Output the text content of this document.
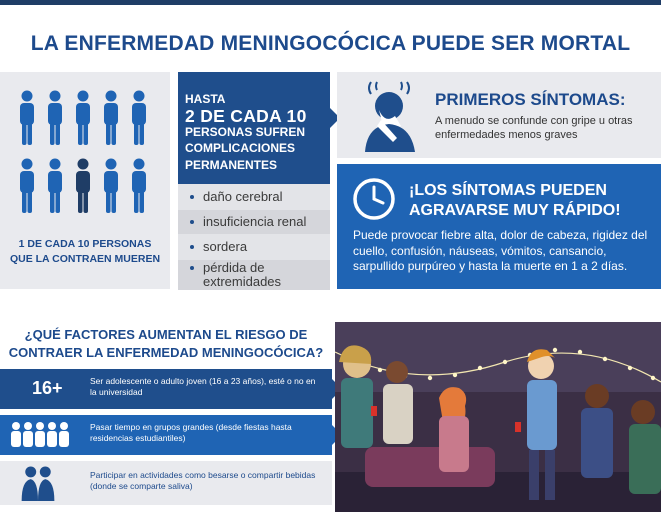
LA ENFERMEDAD MENINGOCÓCICA PUEDE SER MORTAL
1 DE CADA 10 PERSONAS
QUE LA CONTRAEN MUEREN
HASTA
2 DE CADA 10
PERSONAS SUFREN
COMPLICACIONES
PERMANENTES
daño cerebral
insuficiencia renal
sordera
pérdida de
extremidades
PRIMEROS SÍNTOMAS:
A menudo se confunde con gripe u otras enfermedades menos graves
¡LOS SÍNTOMAS PUEDEN
AGRAVARSE MUY RÁPIDO!
Puede provocar fiebre alta, dolor de cabeza, rigidez del cuello, confusión, náuseas, vómitos, cansancio, sarpullido purpúreo y hasta la muerte en 1 a 2 días.
¿QUÉ FACTORES AUMENTAN EL RIESGO DE
CONTRAER LA ENFERMEDAD MENINGOCÓCICA?
16+	Ser adolescente o adulto joven (16 a 23 años), esté o no en la universidad
Pasar tiempo en grupos grandes (desde fiestas hasta residencias estudiantiles)
Participar en actividades como besarse o compartir bebidas (donde se comparte saliva)
